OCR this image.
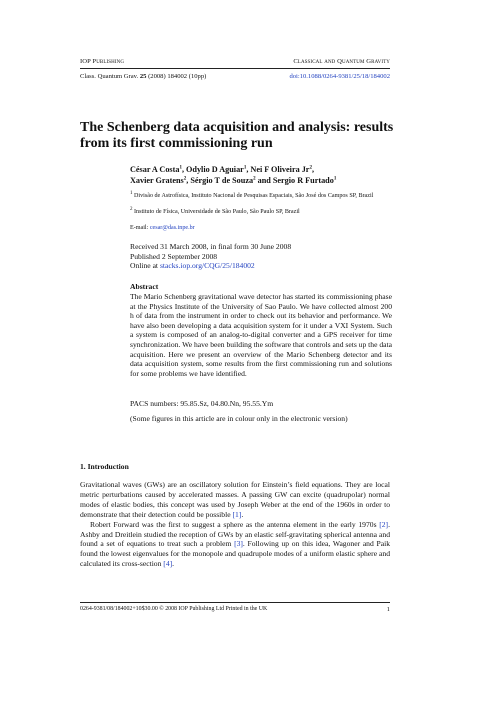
IOP Publishing	Classical and Quantum Gravity
Class. Quantum Grav. 25 (2008) 184002 (10pp)	doi:10.1088/0264-9381/25/18/184002
The Schenberg data acquisition and analysis: results from its first commissioning run
César A Costa$^1$, Odylio D Aguiar$^1$, Nei F Oliveira Jr$^2$,
Xavier Gratens$^2$, Sérgio T de Souza$^2$ and Sergio R Furtado$^1$
$^1$ Divisão de Astrofísica, Instituto Nacional de Pesquisas Espaciais, São José dos Campos SP, Brazil
$^2$ Instituto de Física, Universidade de São Paulo, São Paulo SP, Brazil
E-mail: cesar@das.inpe.br
Received 31 March 2008, in final form 30 June 2008
Published 2 September 2008
Online at stacks.iop.org/CQG/25/184002
Abstract
The Mario Schenberg gravitational wave detector has started its commissioning phase at the Physics Institute of the University of Sao Paulo. We have collected almost 200 h of data from the instrument in order to check out its behavior and performance. We have also been developing a data acquisition system for it under a VXI System. Such a system is composed of an analog-to-digital converter and a GPS receiver for time synchronization. We have been building the software that controls and sets up the data acquisition. Here we present an overview of the Mario Schenberg detector and its data acquisition system, some results from the first commissioning run and solutions for some problems we have identified.
PACS numbers: 95.85.Sz, 04.80.Nn, 95.55.Ym
(Some figures in this article are in colour only in the electronic version)
1. Introduction

Gravitational waves (GWs) are an oscillatory solution for Einstein’s field equations. They are local metric perturbations caused by accelerated masses. A passing GW can excite (quadrupolar) normal modes of elastic bodies, this concept was used by Joseph Weber at the end of the 1960s in order to demonstrate that their detection could be possible [1].

Robert Forward was the first to suggest a sphere as the antenna element in the early 1970s [2]. Ashby and Dreitlein studied the reception of GWs by an elastic self-gravitating spherical antenna and found a set of equations to treat such a problem [3]. Following up on this idea, Wagoner and Paik found the lowest eigenvalues for the monopole and quadrupole modes of a uniform elastic sphere and calculated its cross-section [4].

0264-9381/08/184002+10$30.00 © 2008 IOP Publishing Ltd Printed in the UK	1
